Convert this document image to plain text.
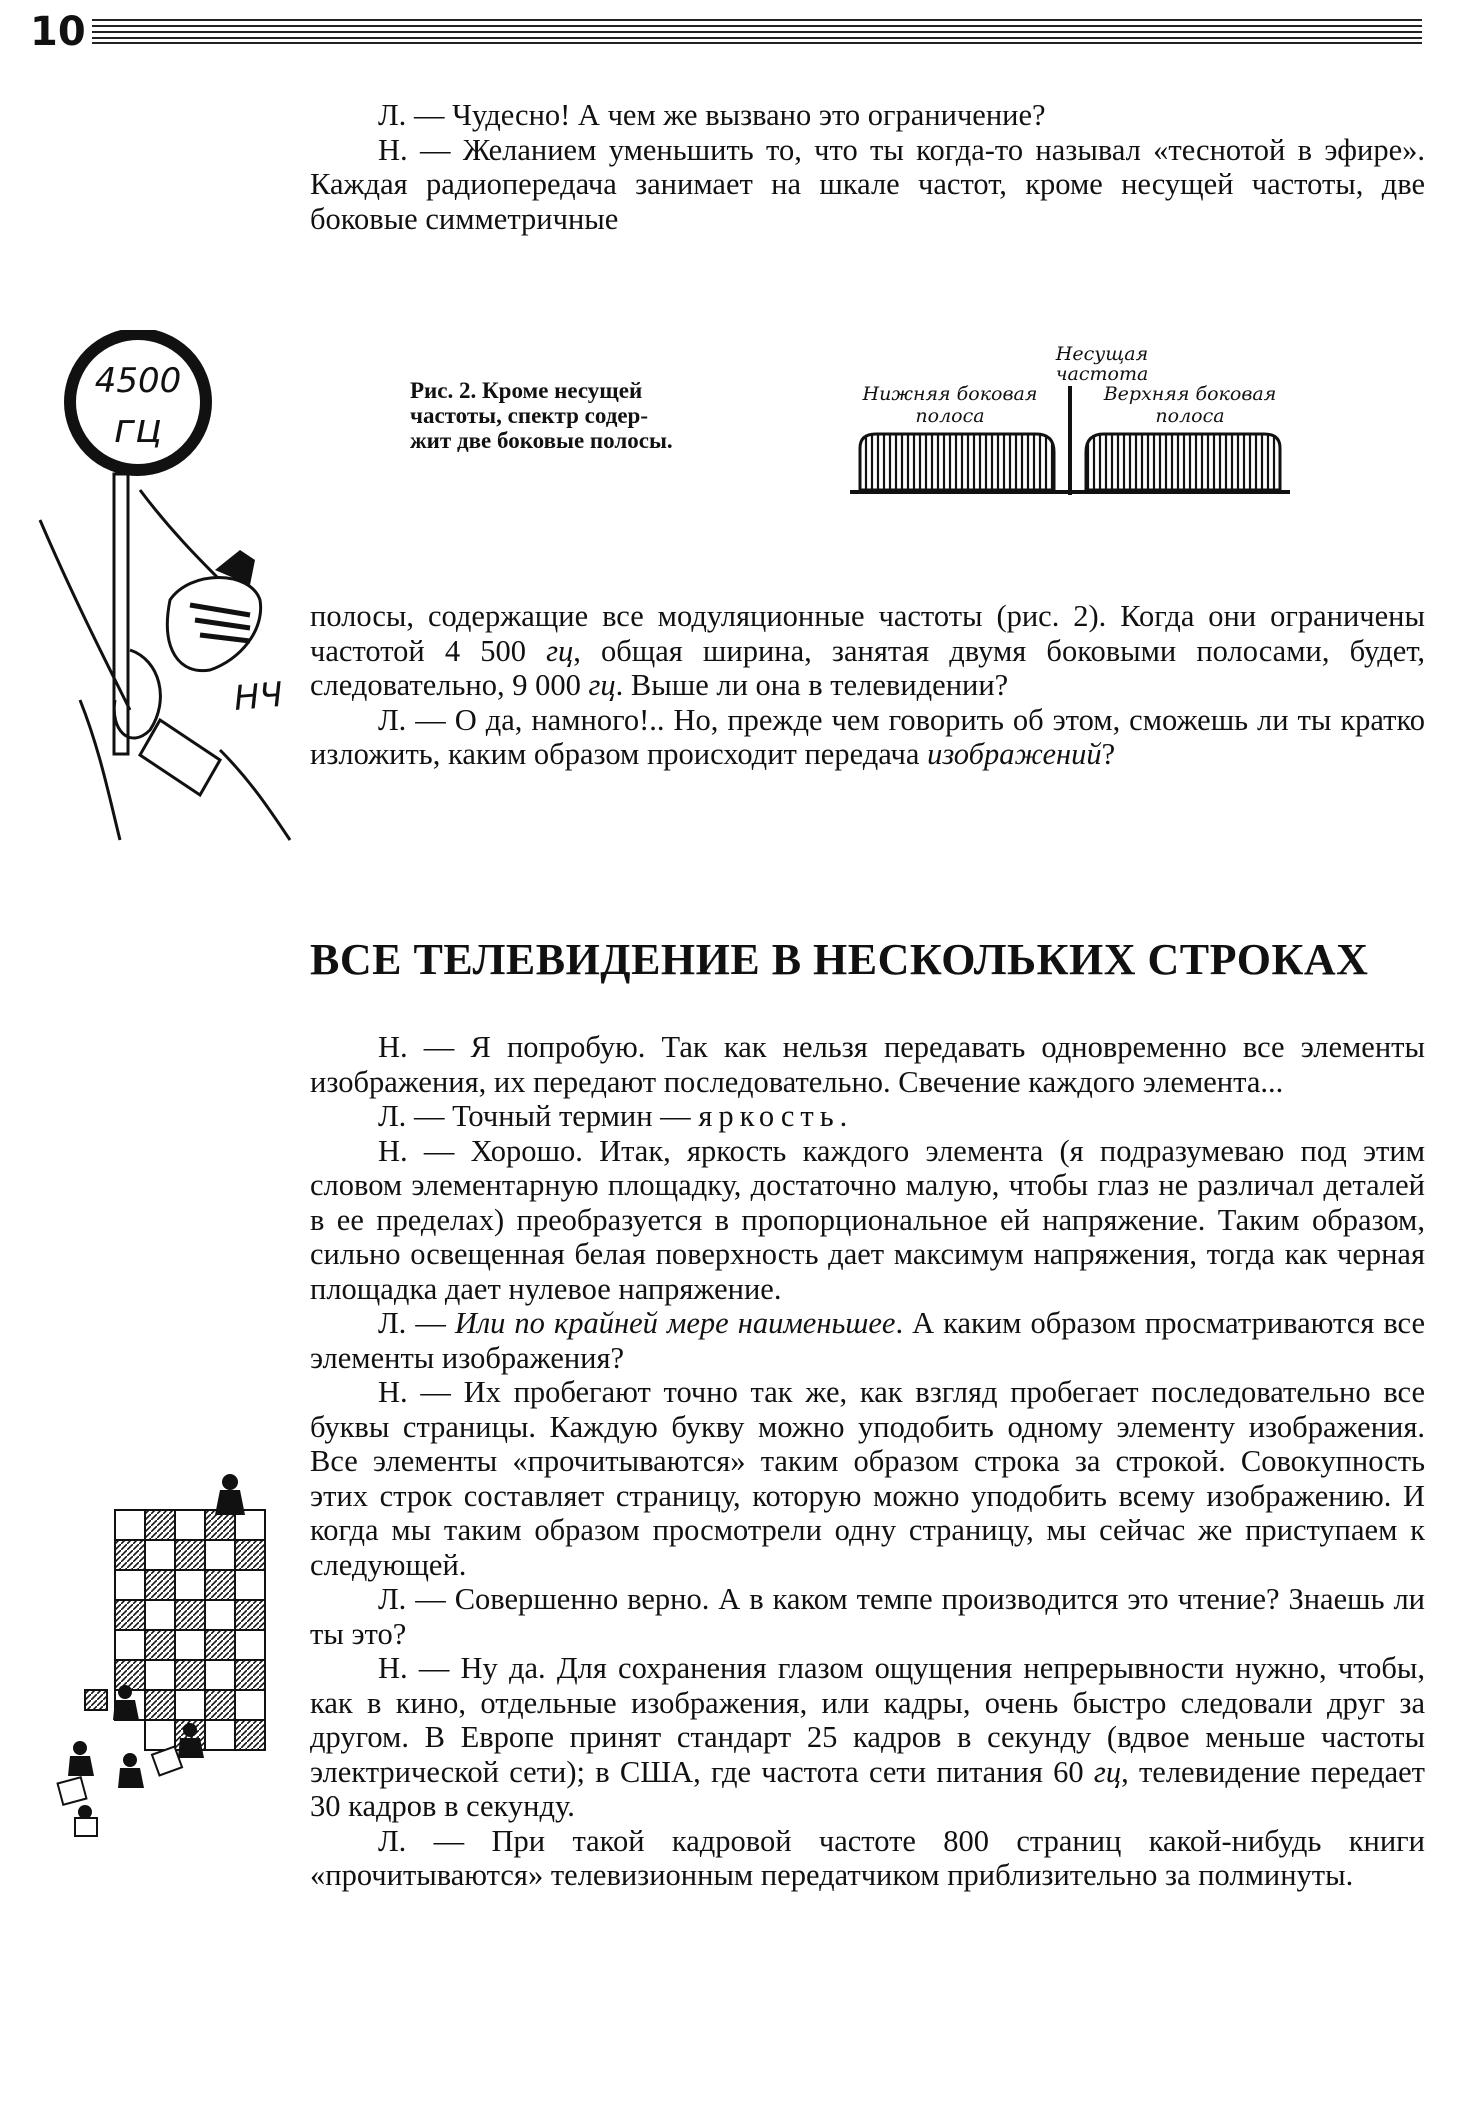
10

Л. — Чудесно! А чем же вызвано это ограничение?

Н. — Желанием уменьшить то, что ты когда-то называл «теснотой в эфире». Каждая радиопередача занимает на шкале частот, кроме несущей частоты, две боковые симметричные

4500
гц
НЧ
Рис. 2. Кроме несущей
частоты, спектр содер-
жит две боковые полосы.
Несущая
частота
Нижняя боковая
полоса
Верхняя боковая
полоса

полосы, содержащие все модуляционные частоты (рис. 2). Когда они ограничены частотой 4 500 гц, общая ширина, занятая двумя боковыми полосами, будет, следовательно, 9 000 гц. Выше ли она в телевидении?

Л. — О да, намного!.. Но, прежде чем говорить об этом, сможешь ли ты кратко изложить, каким образом происходит передача изображений?

ВСЕ ТЕЛЕВИДЕНИЕ В НЕСКОЛЬКИХ СТРОКАХ

Н. — Я попробую. Так как нельзя передавать одновременно все элементы изображения, их передают последовательно. Свечение каждого элемента...

Л. — Точный термин — яркость.

Н. — Хорошо. Итак, яркость каждого элемента (я подразумеваю под этим словом элементарную площадку, достаточно малую, чтобы глаз не различал деталей в ее пределах) преобразуется в пропорциональное ей напряжение. Таким образом, сильно освещенная белая поверхность дает максимум напряжения, тогда как черная площадка дает нулевое напряжение.

Л. — Или по крайней мере наименьшее. А каким образом просматриваются все элементы изображения?

Н. — Их пробегают точно так же, как взгляд пробегает последовательно все буквы страницы. Каждую букву можно уподобить одному элементу изображения. Все элементы «прочитываются» таким образом строка за строкой. Совокупность этих строк составляет страницу, которую можно уподобить всему изображению. И когда мы таким образом просмотрели одну страницу, мы сейчас же приступаем к следующей.

Л. — Совершенно верно. А в каком темпе производится это чтение? Знаешь ли ты это?

Н. — Ну да. Для сохранения глазом ощущения непрерывности нужно, чтобы, как в кино, отдельные изображения, или кадры, очень быстро следовали друг за другом. В Европе принят стандарт 25 кадров в секунду (вдвое меньше частоты электрической сети); в США, где частота сети питания 60 гц, телевидение передает 30 кадров в секунду.

Л. — При такой кадровой частоте 800 страниц какой-нибудь книги «прочитываются» телевизионным передатчиком приблизительно за полминуты.
